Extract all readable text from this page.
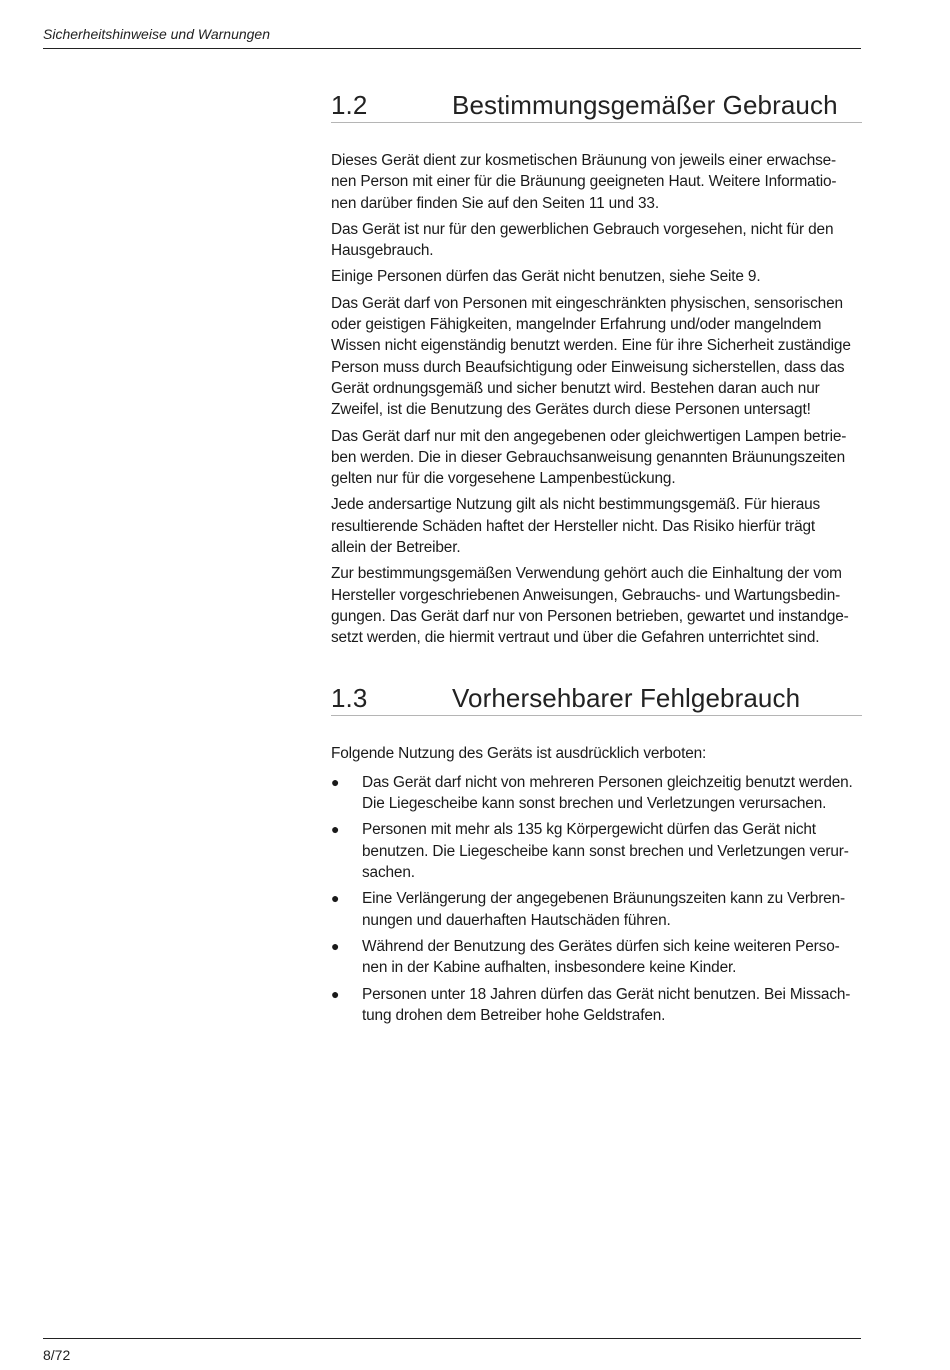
Sicherheitshinweise und Warnungen
1.2	Bestimmungsgemäßer Gebrauch

Dieses Gerät dient zur kosmetischen Bräunung von jeweils einer erwachse-
nen Person mit einer für die Bräunung geeigneten Haut. Weitere Informatio-
nen darüber finden Sie auf den Seiten 11 und 33.

Das Gerät ist nur für den gewerblichen Gebrauch vorgesehen, nicht für den
Hausgebrauch.

Einige Personen dürfen das Gerät nicht benutzen, siehe Seite 9.

Das Gerät darf von Personen mit eingeschränkten physischen, sensorischen
oder geistigen Fähigkeiten, mangelnder Erfahrung und/oder mangelndem
Wissen nicht eigenständig benutzt werden. Eine für ihre Sicherheit zuständige
Person muss durch Beaufsichtigung oder Einweisung sicherstellen, dass das
Gerät ordnungsgemäß und sicher benutzt wird. Bestehen daran auch nur
Zweifel, ist die Benutzung des Gerätes durch diese Personen untersagt!

Das Gerät darf nur mit den angegebenen oder gleichwertigen Lampen betrie-
ben werden. Die in dieser Gebrauchsanweisung genannten Bräunungszeiten
gelten nur für die vorgesehene Lampenbestückung.

Jede andersartige Nutzung gilt als nicht bestimmungsgemäß. Für hieraus
resultierende Schäden haftet der Hersteller nicht. Das Risiko hierfür trägt
allein der Betreiber.

Zur bestimmungsgemäßen Verwendung gehört auch die Einhaltung der vom
Hersteller vorgeschriebenen Anweisungen, Gebrauchs- und Wartungsbedin-
gungen. Das Gerät darf nur von Personen betrieben, gewartet und instandge-
setzt werden, die hiermit vertraut und über die Gefahren unterrichtet sind.

1.3	Vorhersehbarer Fehlgebrauch

Folgende Nutzung des Geräts ist ausdrücklich verboten:

●	Das Gerät darf nicht von mehreren Personen gleichzeitig benutzt werden.
Die Liegescheibe kann sonst brechen und Verletzungen verursachen.
●	Personen mit mehr als 135 kg Körpergewicht dürfen das Gerät nicht
benutzen. Die Liegescheibe kann sonst brechen und Verletzungen verur-
sachen.
●	Eine Verlängerung der angegebenen Bräunungszeiten kann zu Verbren-
nungen und dauerhaften Hautschäden führen.
●	Während der Benutzung des Gerätes dürfen sich keine weiteren Perso-
nen in der Kabine aufhalten, insbesondere keine Kinder.
●	Personen unter 18 Jahren dürfen das Gerät nicht benutzen. Bei Missach-
tung drohen dem Betreiber hohe Geldstrafen.
8/72
